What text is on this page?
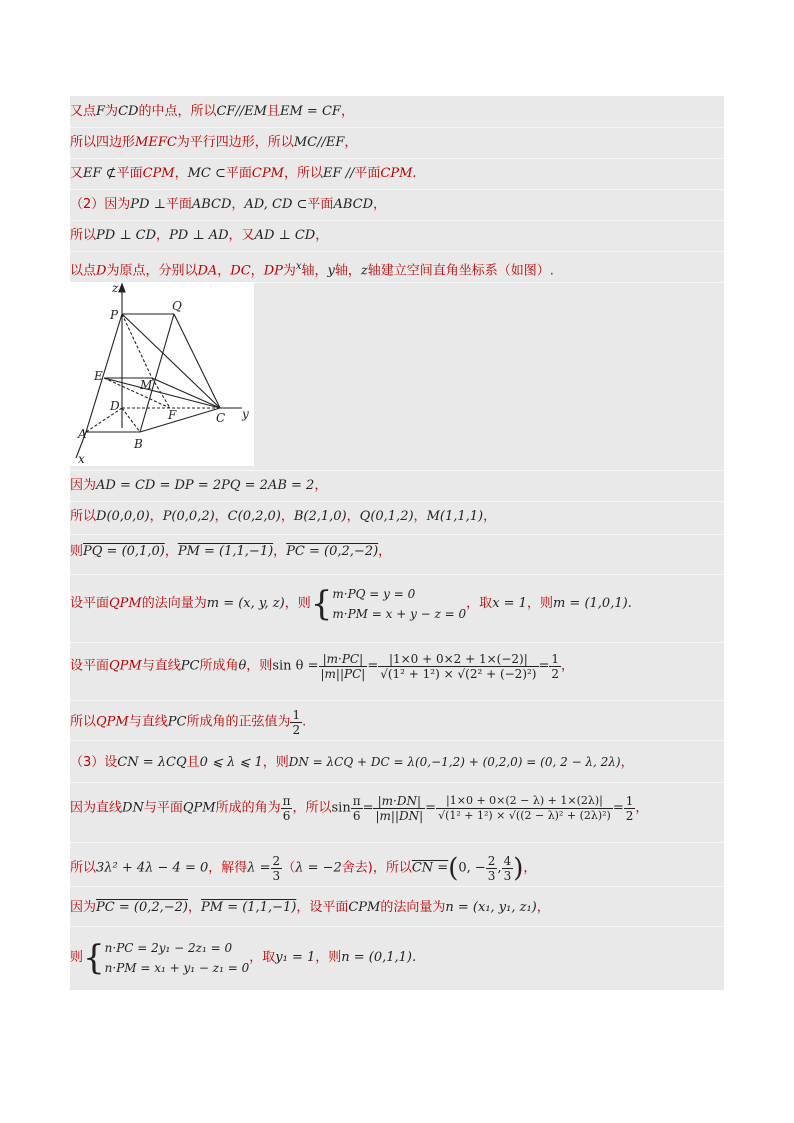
又点F为CD的中点，所以CF//EM且EM = CF，
所以四边形MEFC为平行四边形，所以MC//EF，
又EF ⊄平面CPM，MC ⊂平面CPM，所以EF //平面CPM.
（2）因为PD ⊥平面ABCD，AD, CD ⊂平面ABCD，
所以PD ⊥ CD，PD ⊥ AD，又AD ⊥ CD，
以点D为原点，分别以DA，DC，DP为$^x$轴，y轴，z轴建立空间直角坐标系（如图）.
z
P
Q
E
M
D
F	C y
A
B
x
因为AD = CD = DP = 2PQ = 2AB = 2，
所以D(0,0,0)，P(0,0,2)，C(0,2,0)，B(2,1,0)，Q(0,1,2)，M(1,1,1)，
则PQ = (0,1,0)，PM = (1,1,−1)，PC = (0,2,−2)，
设平面QPM的法向量为m = (x, y, z)，则{ m·PQ = y = 0
m·PM = x + y − z = 0
，取x = 1，则m = (1,0,1).
设平面QPM与直线PC所成角θ，则$\sin \theta = \frac{|m\cdot PC|}{|m||PC|} = \frac{|1\times 0 + 0\times 2 + 1\times(-2)|}{\text{√(1² + 1²) × √(2² + (−2)²)}} = \frac{1}{2}$ ，
所以QPM与直线PC所成角的正弦值为 $\frac{1}{2}$ .
（3）设CN = λCQ且0 ⩽ λ ⩽ 1，则DN = λCQ + DC = λ(0,−1,2) + (0,2,0) = (0, 2 − λ, 2λ)，
因为直线DN与平面QPM所成的角为 $\frac{\pi}{6}$ ，所以$\sin \frac{\pi}{6} = \frac{|m\cdot DN|}{|m||DN|} = \frac{|1\times 0 + 0\times(2 - \lambda) + 1\times(2\lambda)|}{\text{√(1² + 1²) × √((2 − λ)² + (2λ)²)}} = \frac{1}{2}$ ，
所以3λ² + 4λ − 4 = 0，解得$\lambda = \frac{2}{3} (\lambda = -2$舍去)，所以CN =(0, − $\frac{2}{3}$ , $\frac{4}{3}$ )，
因为PC = (0,2,−2)，PM = (1,1,−1)，设平面CPM的法向量为n = (x₁, y₁, z₁)，
则{ n·PC = 2y₁ − 2z₁ = 0
n·PM = x₁ + y₁ − z₁ = 0
，取y₁ = 1，则n = (0,1,1).
